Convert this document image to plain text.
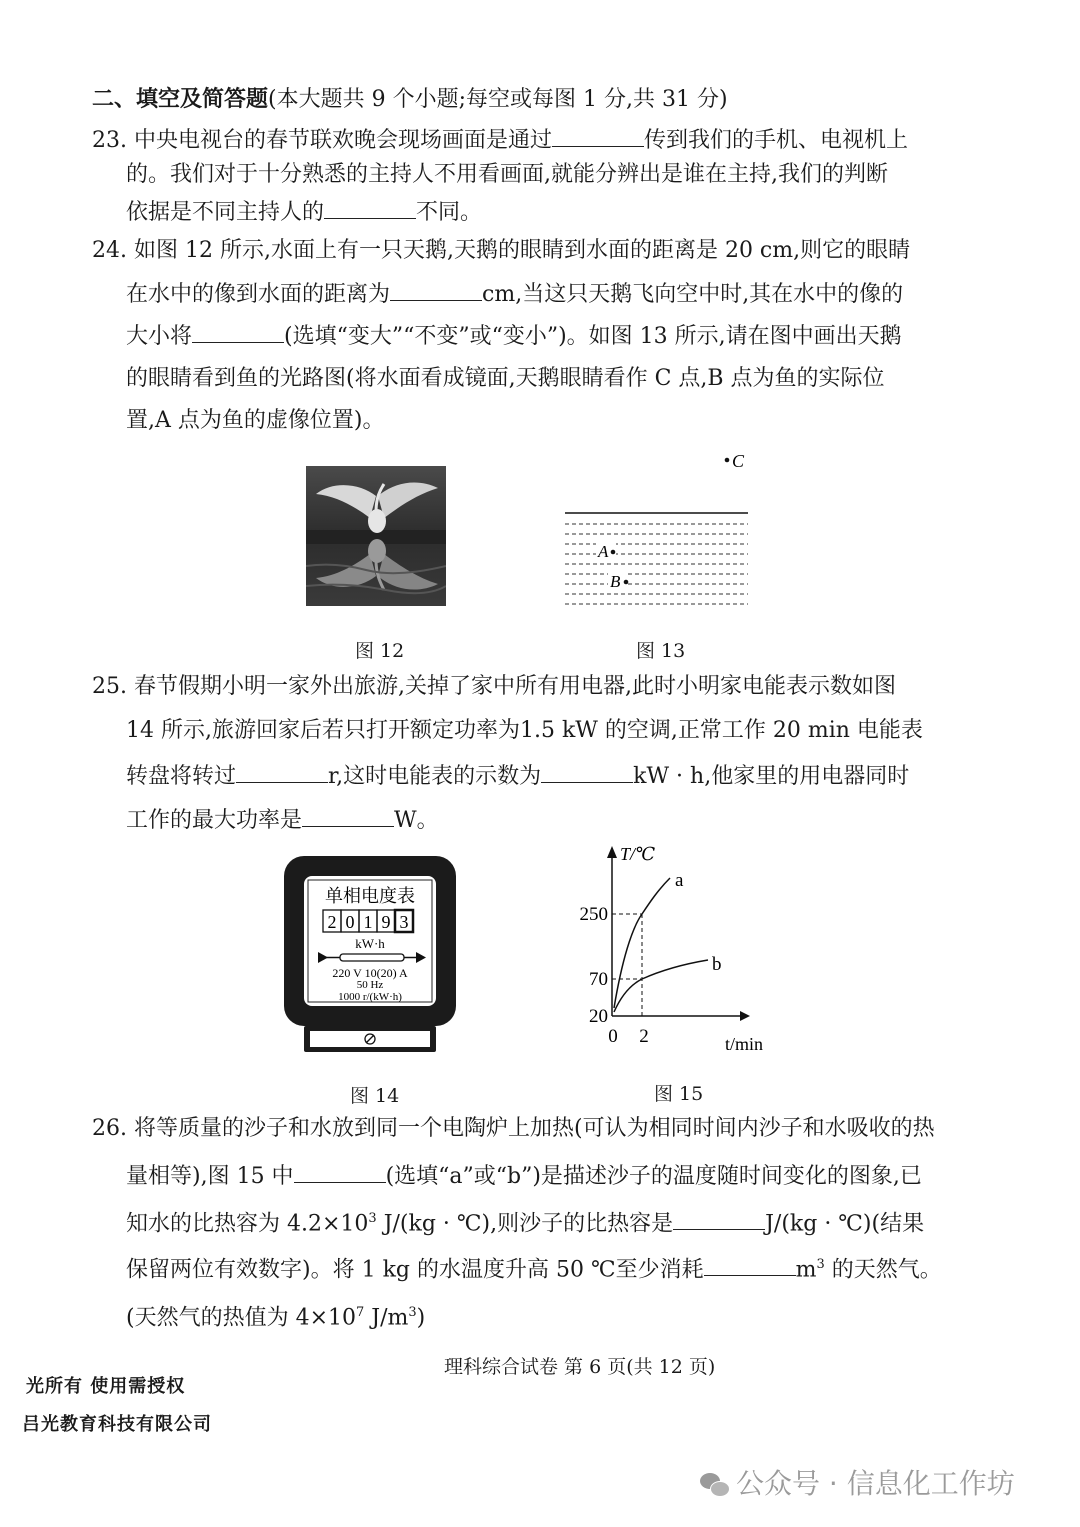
二、填空及简答题(本大题共 9 个小题;每空或每图 1 分,共 31 分)
23. 中央电视台的春节联欢晚会现场画面是通过	传到我们的手机、电视机上
的。我们对于十分熟悉的主持人不用看画面,就能分辨出是谁在主持,我们的判断
依据是不同主持人的	不同。
24. 如图 12 所示,水面上有一只天鹅,天鹅的眼睛到水面的距离是 20 cm,则它的眼睛
在水中的像到水面的距离为	cm,当这只天鹅飞向空中时,其在水中的像的
大小将	(选填“变大”“不变”或“变小”)。如图 13 所示,请在图中画出天鹅
的眼睛看到鱼的光路图(将水面看成镜面,天鹅眼睛看作 C 点,B 点为鱼的实际位
置,A 点为鱼的虚像位置)。
图 12
C
A
B
图 13
25. 春节假期小明一家外出旅游,关掉了家中所有用电器,此时小明家电能表示数如图
14 所示,旅游回家后若只打开额定功率为1.5 kW 的空调,正常工作 20 min 电能表
转盘将转过	r,这时电能表的示数为	kW · h,他家里的用电器同时
工作的最大功率是	W。
单相电度表
2 0 1 9 3
kW·h
220 V 10(20) A
50 Hz
1000 r/(kW·h)
图 14
T/℃
t/min
250
70
20
0 2
a
b
图 15
26. 将等质量的沙子和水放到同一个电陶炉上加热(可认为相同时间内沙子和水吸收的热
量相等),图 15 中	(选填“a”或“b”)是描述沙子的温度随时间变化的图象,已
知水的比热容为 $4.2\times 10^3$ J/(kg · ℃),则沙子的比热容是	J/(kg · ℃)(结果
保留两位有效数字)。将 1 kg 的水温度升高 50 ℃至少消耗	$m^3$ 的天然气。
(天然气的热值为 $4\times 10^7$ $J/m^3$)
理科综合试卷 第 6 页(共 12 页)
光所有 使用需授权
吕光教育科技有限公司
公众号 · 信息化工作坊
